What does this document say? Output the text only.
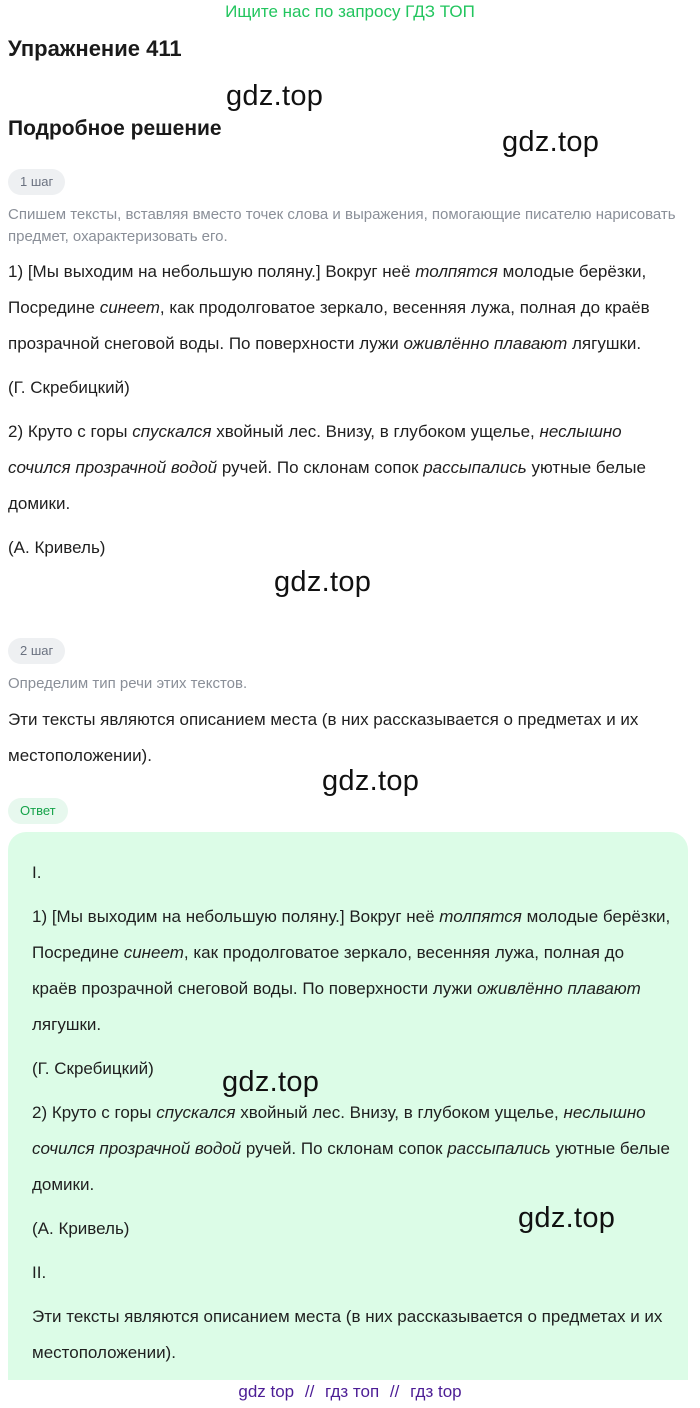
Ищите нас по запросу ГДЗ ТОП
Упражнение 411
Подробное решение
gdz.top
gdz.top
gdz.top
1 шаг
Спишем тексты, вставляя вместо точек слова и выражения, помогающие писателю нарисовать предмет, охарактеризовать его.

1) [Мы выходим на небольшую поляну.] Вокруг неё толпятся молодые берёзки, Посредине синеет, как продолговатое зеркало, весенняя лужа, полная до краёв прозрачной снеговой воды. По поверхности лужи оживлённо плавают лягушки.

(Г. Скребицкий)

2) Круто с горы спускался хвойный лес. Внизу, в глубоком ущелье, неслышно сочился прозрачной водой ручей. По склонам сопок рассыпались уютные белые домики.

(А. Кривель)

2 шаг
Определим тип речи этих текстов.
Эти тексты являются описанием места (в них рассказывается о предметах и их местоположении).
gdz.top
Ответ

I.

1) [Мы выходим на небольшую поляну.] Вокруг неё толпятся молодые берёзки, Посредине синеет, как продолговатое зеркало, весенняя лужа, полная до краёв прозрачной снеговой воды. По поверхности лужи оживлённо плавают лягушки.

(Г. Скребицкий)

2) Круто с горы спускался хвойный лес. Внизу, в глубоком ущелье, неслышно сочился прозрачной водой ручей. По склонам сопок рассыпались уютные белые домики.

(А. Кривель)

II.

Эти тексты являются описанием места (в них рассказывается о предметах и их местоположении).

gdz.top
gdz.top
gdz top // гдз топ // гдз top
